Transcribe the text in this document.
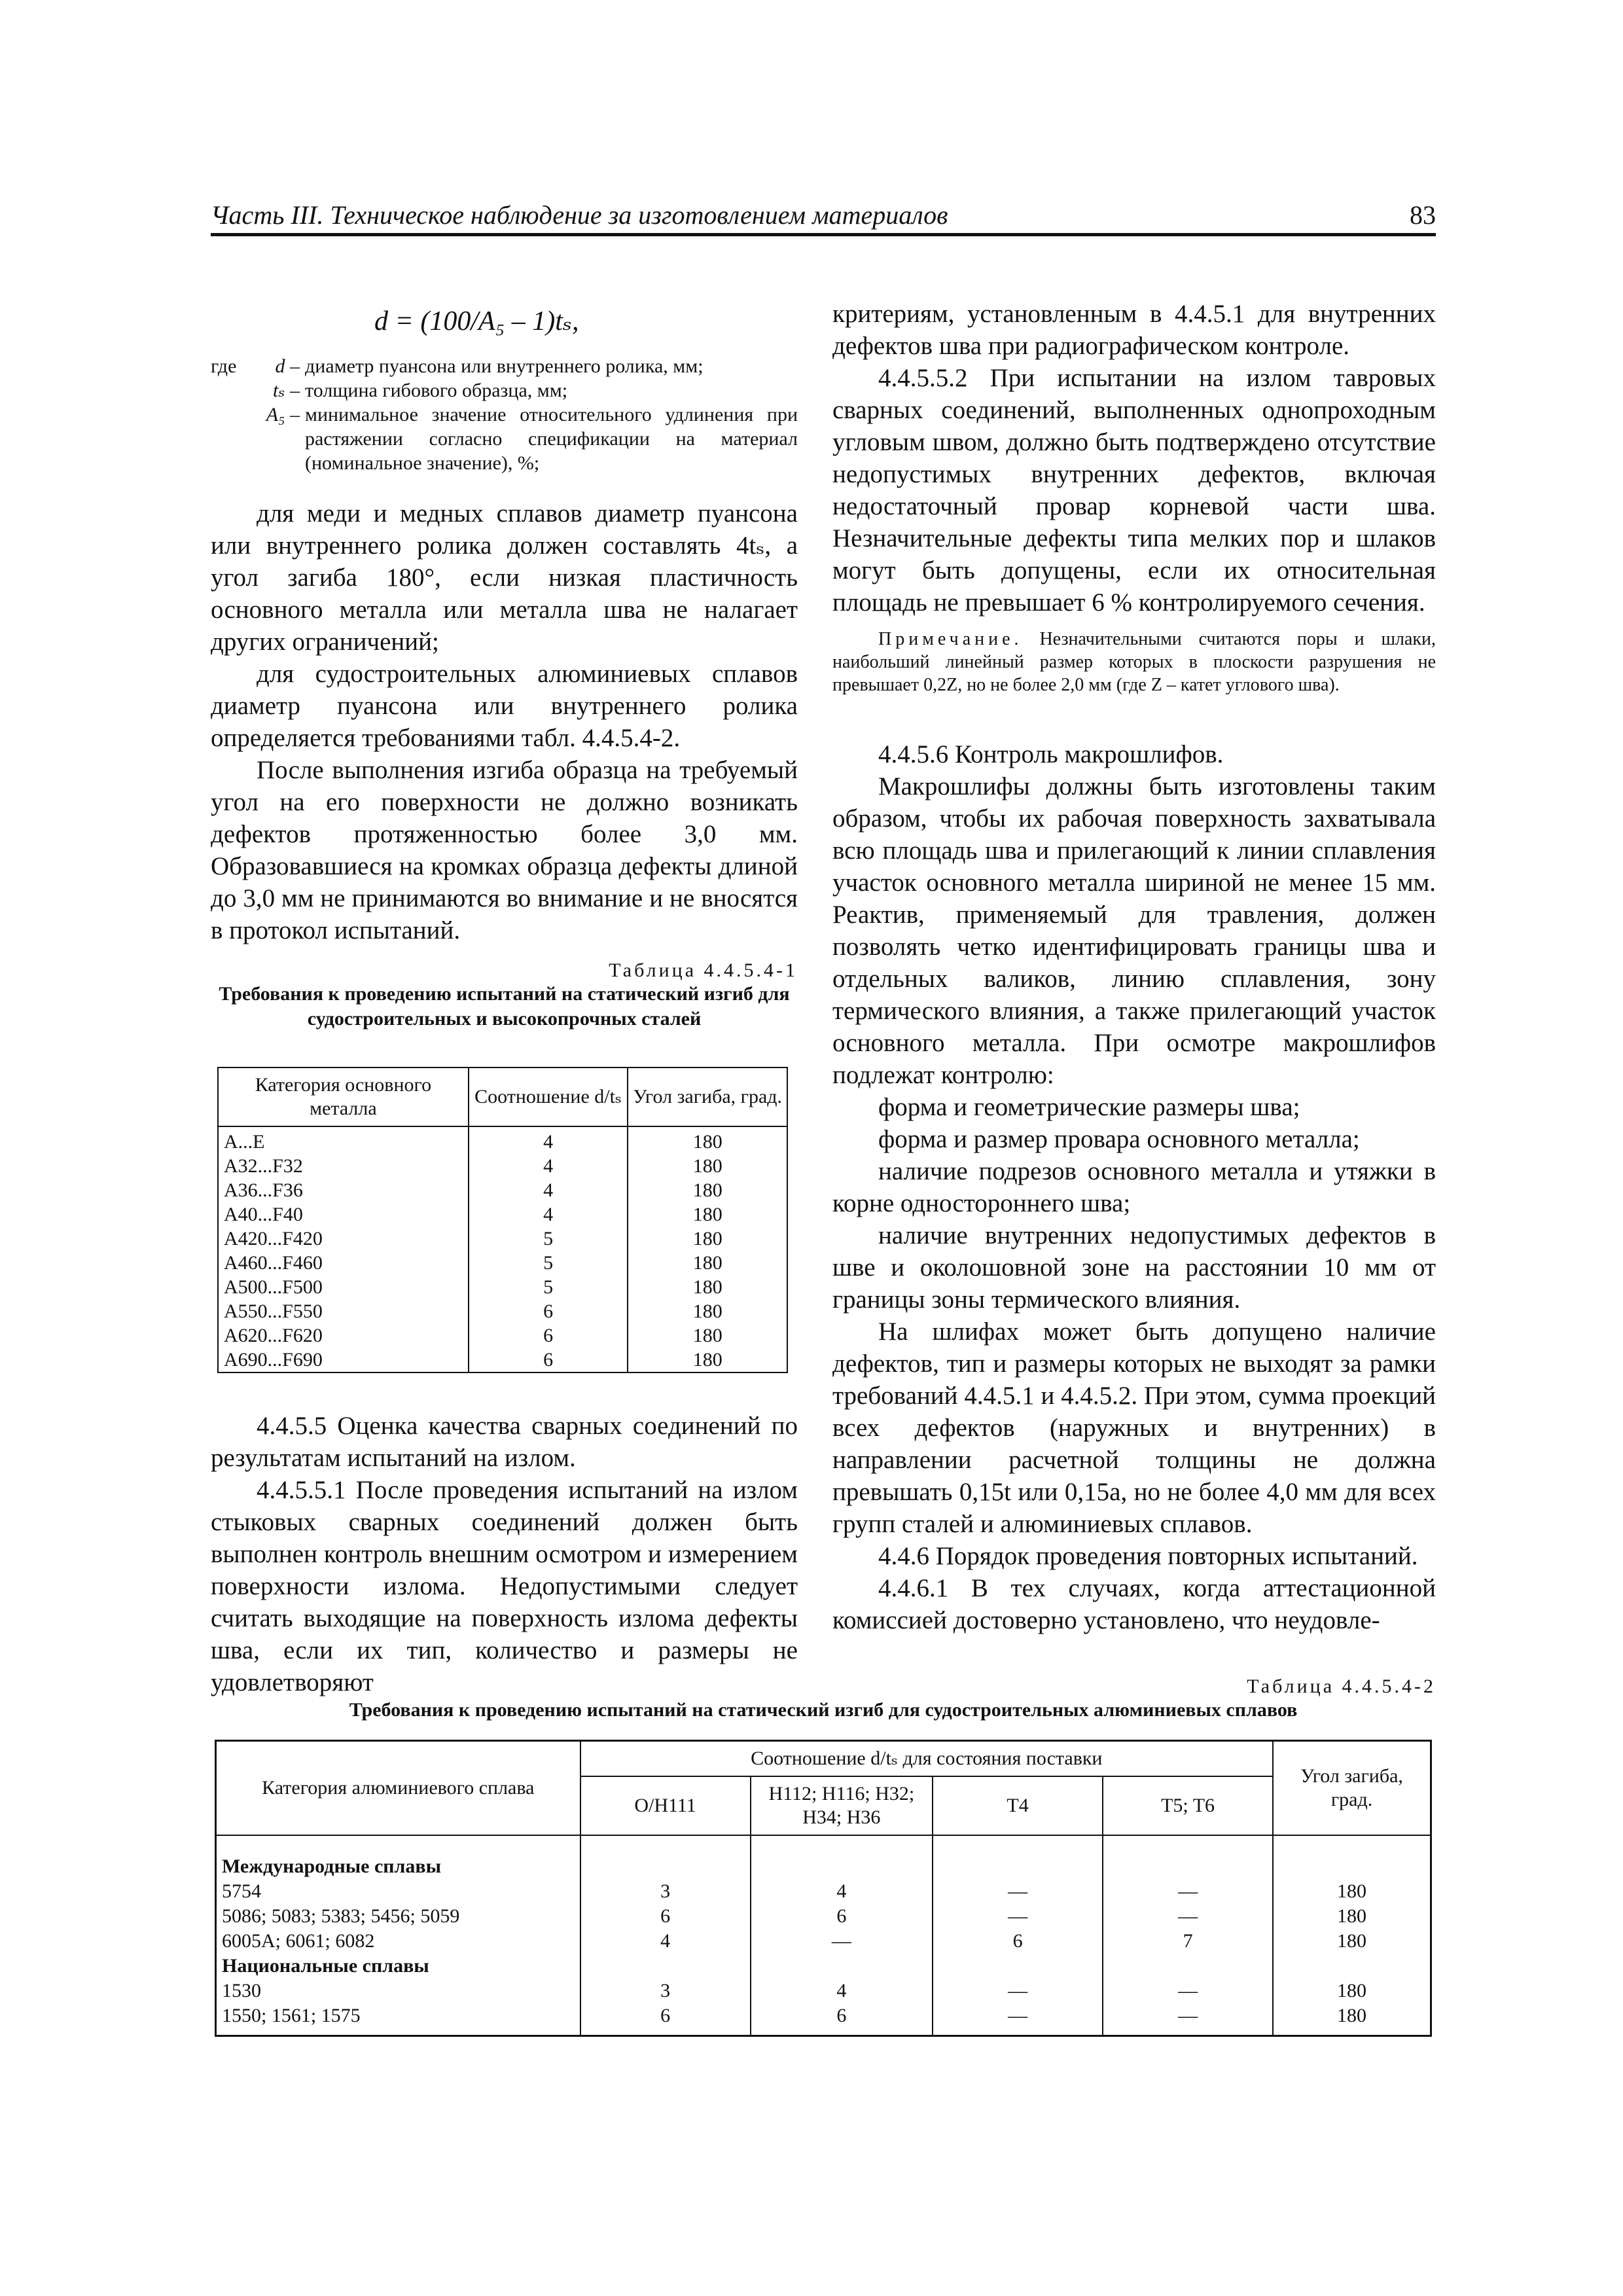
Часть III. Техническое наблюдение за изготовлением материалов	83
d = (100/A₅ – 1)tₛ,
где	d – диаметр пуансона или внутреннего ролика, мм;
tₛ – толщина гибового образца, мм;
A₅ – минимальное значение относительного удлинения при растяжении согласно спецификации на материал (номинальное значение), %;

для меди и медных сплавов диаметр пуансона или внутреннего ролика должен составлять 4tₛ, а угол загиба 180°, если низкая пластичность основного металла или металла шва не налагает других ограничений;

для судостроительных алюминиевых сплавов диаметр пуансона или внутреннего ролика определяется требованиями табл. 4.4.5.4-2.

После выполнения изгиба образца на требуемый угол на его поверхности не должно возникать дефектов протяженностью более 3,0 мм. Образовавшиеся на кромках образца дефекты длиной до 3,0 мм не принимаются во внимание и не вносятся в протокол испытаний.

Таблица 4.4.5.4-1
Требования к проведению испытаний на статический изгиб для судостроительных и высокопрочных сталей
Категория основного металла	Соотношение d/tₛ	Угол загиба, град.
A...E	4	180
A32...F32	4	180
A36...F36	4	180
A40...F40	4	180
A420...F420	5	180
A460...F460	5	180
A500...F500	5	180
A550...F550	6	180
A620...F620	6	180
A690...F690	6	180

4.4.5.5 Оценка качества сварных соединений по результатам испытаний на излом.

4.4.5.5.1 После проведения испытаний на излом стыковых сварных соединений должен быть выполнен контроль внешним осмотром и измерением поверхности излома. Недопустимыми следует считать выходящие на поверхность излома дефекты шва, если их тип, количество и размеры не удовлетворяют

критериям, установленным в 4.4.5.1 для внутренних дефектов шва при радиографическом контроле.

4.4.5.5.2 При испытании на излом тавровых сварных соединений, выполненных однопроходным угловым швом, должно быть подтверждено отсутствие недопустимых внутренних дефектов, включая недостаточный провар корневой части шва. Незначительные дефекты типа мелких пор и шлаков могут быть допущены, если их относительная площадь не превышает 6 % контролируемого сечения.

Примечание. Незначительными считаются поры и шлаки, наибольший линейный размер которых в плоскости разрушения не превышает 0,2Z, но не более 2,0 мм (где Z – катет углового шва).

4.4.5.6 Контроль макрошлифов.

Макрошлифы должны быть изготовлены таким образом, чтобы их рабочая поверхность захватывала всю площадь шва и прилегающий к линии сплавления участок основного металла шириной не менее 15 мм. Реактив, применяемый для травления, должен позволять четко идентифицировать границы шва и отдельных валиков, линию сплавления, зону термического влияния, а также прилегающий участок основного металла. При осмотре макрошлифов подлежат контролю:

форма и геометрические размеры шва;

форма и размер провара основного металла;

наличие подрезов основного металла и утяжки в корне одностороннего шва;

наличие внутренних недопустимых дефектов в шве и околошовной зоне на расстоянии 10 мм от границы зоны термического влияния.

На шлифах может быть допущено наличие дефектов, тип и размеры которых не выходят за рамки требований 4.4.5.1 и 4.4.5.2. При этом, сумма проекций всех дефектов (наружных и внутренних) в направлении расчетной толщины не должна превышать 0,15t или 0,15a, но не более 4,0 мм для всех групп сталей и алюминиевых сплавов.

4.4.6 Порядок проведения повторных испытаний.

4.4.6.1 В тех случаях, когда аттестационной комиссией достоверно установлено, что неудовле-

Таблица 4.4.5.4-2
Требования к проведению испытаний на статический изгиб для судостроительных алюминиевых сплавов
Категория алюминиевого сплава	Соотношение d/tₛ для состояния поставки				Угол загиба, град.
	O/H111	H112; H116; H32; H34; H36	T4	T5; T6	

Международные сплавы					
5754	3	4	—	—	180
5086; 5083; 5383; 5456; 5059	6	6	—	—	180
6005A; 6061; 6082	4	—	6	7	180
Национальные сплавы					
1530	3	4	—	—	180
1550; 1561; 1575	6	6	—	—	180
